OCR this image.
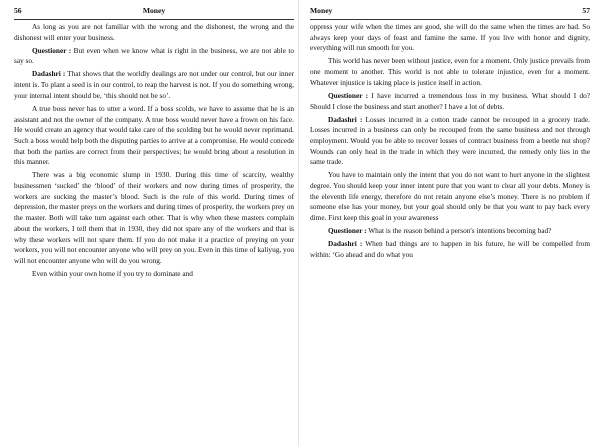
56	Money

As long as you are not familiar with the wrong and the dishonest, the wrong and the dishonest will enter your business.

Questioner : But even when we know what is right in the business, we are not able to say so.

Dadashri : That shows that the worldly dealings are not under our control, but our inner intent is. To plant a seed is in our control, to reap the harvest is not. If you do something wrong, your internal intent should be, ‘this should not be so’.

A true boss never has to utter a word. If a boss scolds, we have to assume that he is an assistant and not the owner of the company. A true boss would never have a frown on his face. He would create an agency that would take care of the scolding but he would never reprimand. Such a boss would help both the disputing parties to arrive at a compromise. He would concede that both the parties are correct from their perspectives; he would bring about a resolution in this manner.

There was a big economic slump in 1930. During this time of scarcity, wealthy businessmen ‘sucked’ the ‘blood’ of their workers and now during times of prosperity, the workers are sucking the master’s blood. Such is the rule of this world. During times of depression, the master preys on the workers and during times of prosperity, the workers prey on the master. Both will take turn against each other. That is why when these masters complain about the workers, I tell them that in 1930, they did not spare any of the workers and that is why these workers will not spare them. If you do not make it a practice of preying on your workers, you will not encounter anyone who will prey on you. Even in this time of kaliyug, you will not encounter anyone who will do you wrong.

Even within your own home if you try to dominate and

Money	57

oppress your wife when the times are good, she will do the same when the times are bad. So always keep your days of feast and famine the same. If you live with honor and dignity, everything will run smooth for you.

This world has never been without justice, even for a moment. Only justice prevails from one moment to another. This world is not able to tolerate injustice, even for a moment. Whatever injustice is taking place is justice itself in action.

Questioner : I have incurred a tremendous loss in my business. What should I do? Should I close the business and start another? I have a lot of debts.

Dadashri : Losses incurred in a cotton trade cannot be recouped in a grocery trade. Losses incurred in a business can only be recouped from the same business and not through employment. Would you be able to recover losses of contract business from a beetle nut shop? Wounds can only heal in the trade in which they were incurred, the remedy only lies in the same trade.

You have to maintain only the intent that you do not want to hurt anyone in the slightest degree. You should keep your inner intent pure that you want to clear all your debts. Money is the eleventh life energy, therefore do not retain anyone else’s money. There is no problem if someone else has your money, but your goal should only be that you want to pay back every dime. First keep this goal in your awareness

Questioner : What is the reason behind a person's intentions becoming bad?

Dadashri : When bad things are to happen in his future, he will be compelled from within: ‘Go ahead and do what you
